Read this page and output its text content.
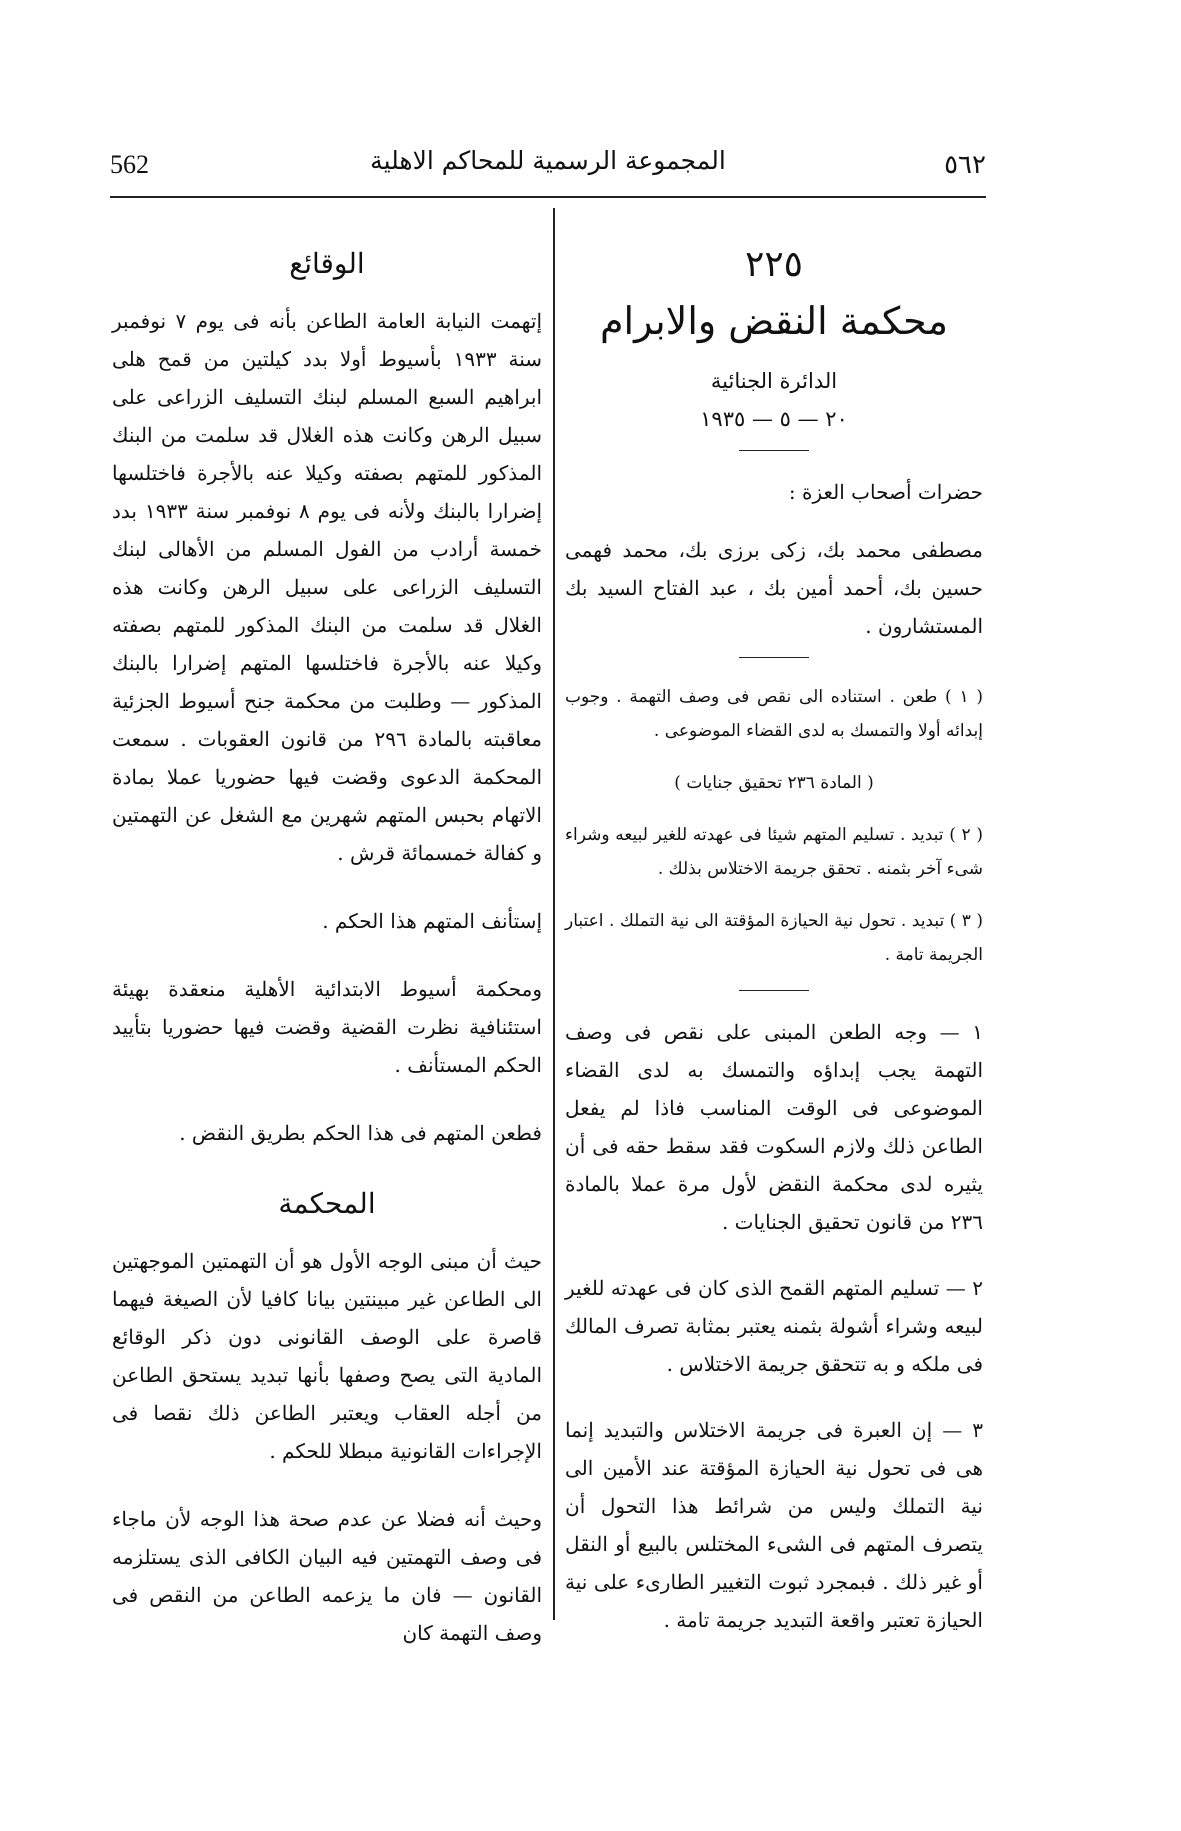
562	المجموعة الرسمية للمحاكم الاهلية	٥٦٢
٢٢٥
محكمة النقض والابرام
الدائرة الجنائية
٢٠ — ٥ — ١٩٣٥

حضرات أصحاب العزة :

مصطفى محمد بك، زكى برزى بك، محمد فهمى حسين بك، أحمد أمين بك ، عبد الفتاح السيد بك المستشارون .

( ١ ) طعن . استناده الى نقص فى وصف التهمة . وجوب إبدائه أولا والتمسك به لدى القضاء الموضوعى .

( المادة ٢٣٦ تحقيق جنايات )

( ٢ ) تبديد . تسليم المتهم شيئا فى عهدته للغير لبيعه وشراء شىء آخر بثمنه . تحقق جريمة الاختلاس بذلك .

( ٣ ) تبديد . تحول نية الحيازة المؤقتة الى نية التملك . اعتبار الجريمة تامة .

١ — وجه الطعن المبنى على نقص فى وصف التهمة يجب إبداؤه والتمسك به لدى القضاء الموضوعى فى الوقت المناسب فاذا لم يفعل الطاعن ذلك ولازم السكوت فقد سقط حقه فى أن يثيره لدى محكمة النقض لأول مرة عملا بالمادة ٢٣٦ من قانون تحقيق الجنايات .

٢ — تسليم المتهم القمح الذى كان فى عهدته للغير لبيعه وشراء أشولة بثمنه يعتبر بمثابة تصرف المالك فى ملكه و به تتحقق جريمة الاختلاس .

٣ — إن العبرة فى جريمة الاختلاس والتبديد إنما هى فى تحول نية الحيازة المؤقتة عند الأمين الى نية التملك وليس من شرائط هذا التحول أن يتصرف المتهم فى الشىء المختلس بالبيع أو النقل أو غير ذلك . فبمجرد ثبوت التغيير الطارىء على نية الحيازة تعتبر واقعة التبديد جريمة تامة .

الوقائع

إتهمت النيابة العامة الطاعن بأنه فى يوم ٧ نوفمبر سنة ١٩٣٣ بأسيوط أولا بدد كيلتين من قمح هلى ابراهيم السبع المسلم لبنك التسليف الزراعى على سبيل الرهن وكانت هذه الغلال قد سلمت من البنك المذكور للمتهم بصفته وكيلا عنه بالأجرة فاختلسها إضرارا بالبنك ولأنه فى يوم ٨ نوفمبر سنة ١٩٣٣ بدد خمسة أرادب من الفول المسلم من الأهالى لبنك التسليف الزراعى على سبيل الرهن وكانت هذه الغلال قد سلمت من البنك المذكور للمتهم بصفته وكيلا عنه بالأجرة فاختلسها المتهم إضرارا بالبنك المذكور — وطلبت من محكمة جنح أسيوط الجزئية معاقبته بالمادة ٢٩٦ من قانون العقوبات . سمعت المحكمة الدعوى وقضت فيها حضوريا عملا بمادة الاتهام بحبس المتهم شهرين مع الشغل عن التهمتين و كفالة خمسمائة قرش .

إستأنف المتهم هذا الحكم .

ومحكمة أسيوط الابتدائية الأهلية منعقدة بهيئة استئنافية نظرت القضية وقضت فيها حضوريا بتأييد الحكم المستأنف .

فطعن المتهم فى هذا الحكم بطريق النقض .

المحكمة

حيث أن مبنى الوجه الأول هو أن التهمتين الموجهتين الى الطاعن غير مبينتين بيانا كافيا لأن الصيغة فيهما قاصرة على الوصف القانونى دون ذكر الوقائع المادية التى يصح وصفها بأنها تبديد يستحق الطاعن من أجله العقاب ويعتبر الطاعن ذلك نقصا فى الإجراءات القانونية مبطلا للحكم .

وحيث أنه فضلا عن عدم صحة هذا الوجه لأن ماجاء فى وصف التهمتين فيه البيان الكافى الذى يستلزمه القانون — فان ما يزعمه الطاعن من النقص فى وصف التهمة كان
